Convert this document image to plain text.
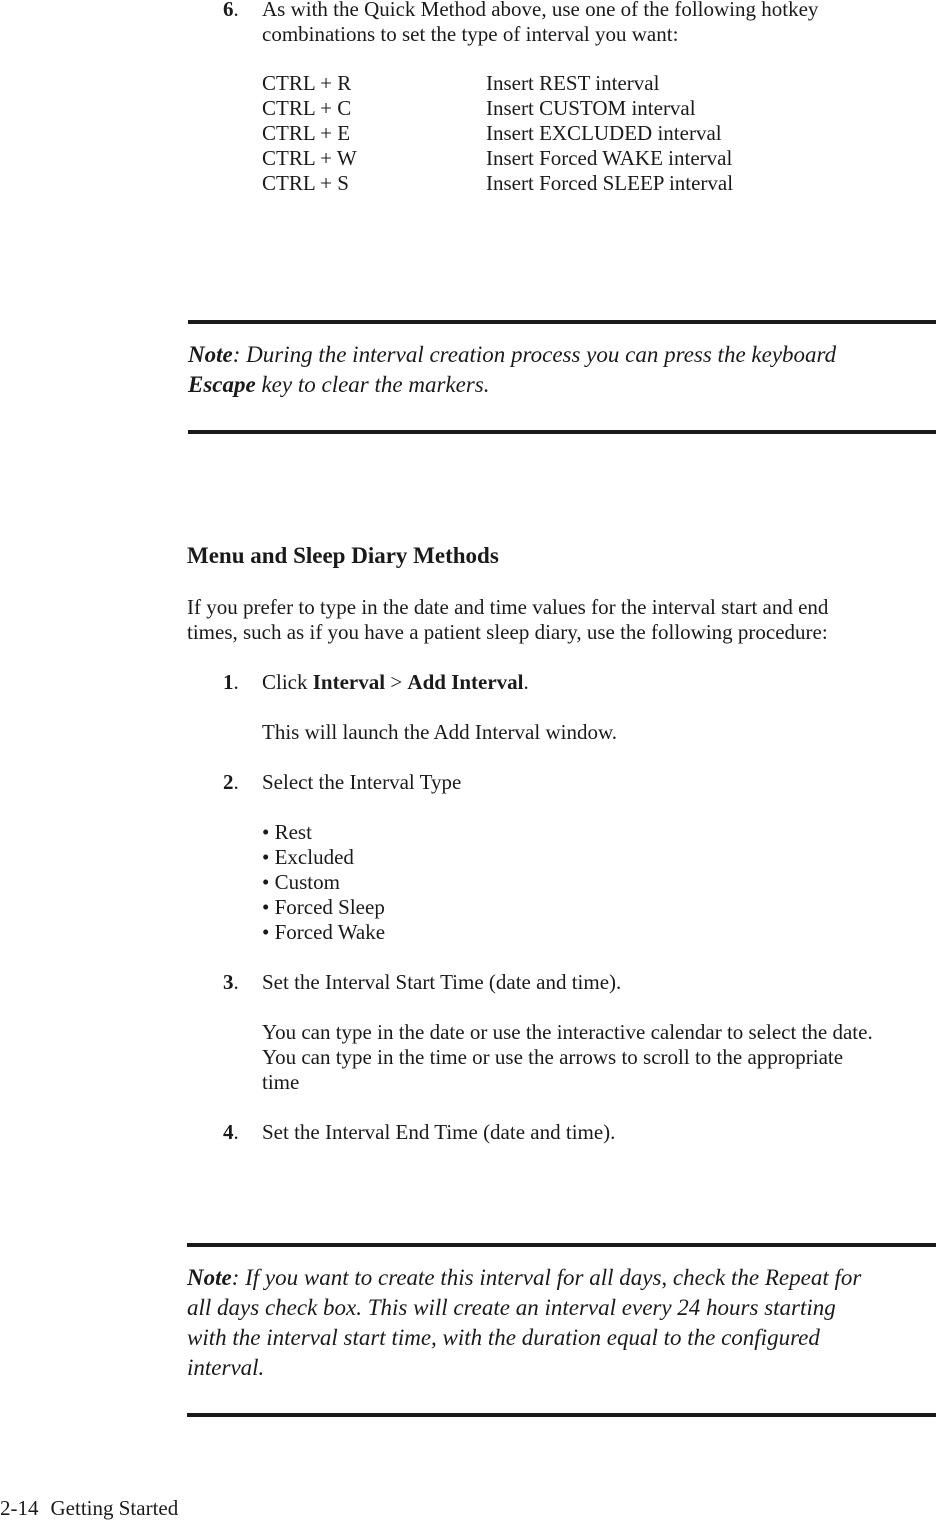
6. As with the Quick Method above, use one of the following hotkey
combinations to set the type of interval you want:
CTRL + R	Insert REST interval
CTRL + C	Insert CUSTOM interval
CTRL + E	Insert EXCLUDED interval
CTRL + W	Insert Forced WAKE interval
CTRL + S	Insert Forced SLEEP interval
Note: During the interval creation process you can press the keyboard
Escape key to clear the markers.
Menu and Sleep Diary Methods
If you prefer to type in the date and time values for the interval start and end
times, such as if you have a patient sleep diary, use the following procedure:
1. Click Interval > Add Interval.
This will launch the Add Interval window.
2. Select the Interval Type
• Rest
• Excluded
• Custom
• Forced Sleep
• Forced Wake
3. Set the Interval Start Time (date and time).
You can type in the date or use the interactive calendar to select the date.
You can type in the time or use the arrows to scroll to the appropriate
time
4. Set the Interval End Time (date and time).
Note: If you want to create this interval for all days, check the Repeat for
all days check box. This will create an interval every 24 hours starting
with the interval start time, with the duration equal to the configured
interval.
2-14 Getting Started
